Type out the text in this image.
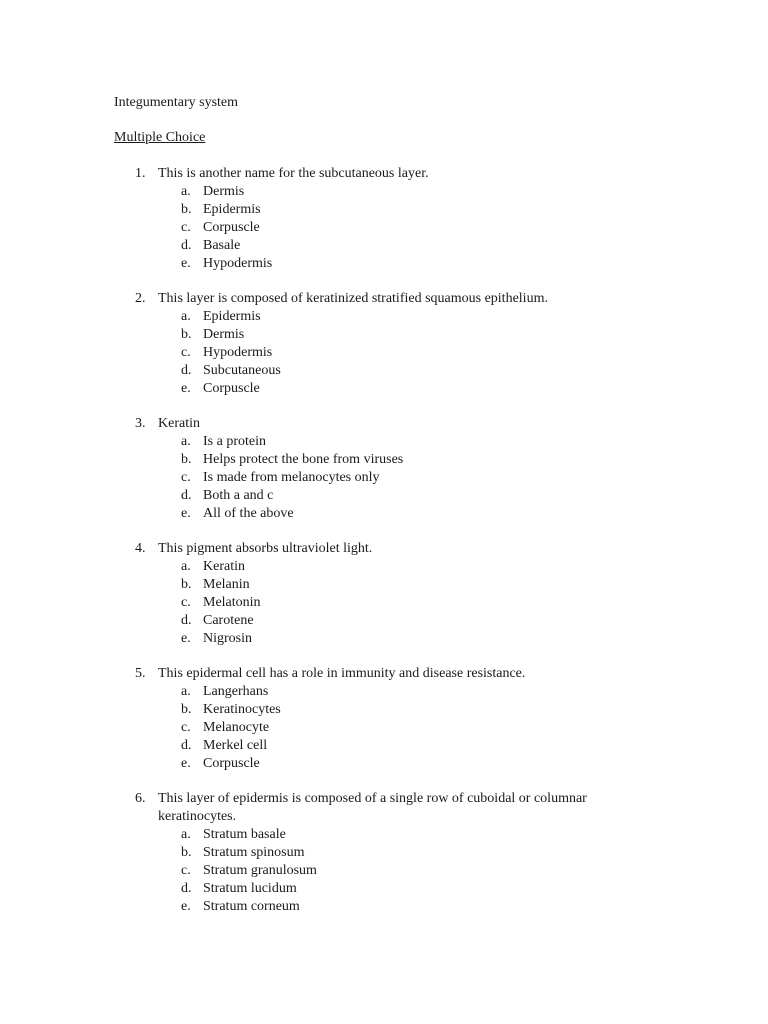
Integumentary system
Multiple Choice
1. This is another name for the subcutaneous layer.
a. Dermis
b. Epidermis
c. Corpuscle
d. Basale
e. Hypodermis
2. This layer is composed of keratinized stratified squamous epithelium.
a. Epidermis
b. Dermis
c. Hypodermis
d. Subcutaneous
e. Corpuscle
3. Keratin
a. Is a protein
b. Helps protect the bone from viruses
c. Is made from melanocytes only
d. Both a and c
e. All of the above
4. This pigment absorbs ultraviolet light.
a. Keratin
b. Melanin
c. Melatonin
d. Carotene
e. Nigrosin
5. This epidermal cell has a role in immunity and disease resistance.
a. Langerhans
b. Keratinocytes
c. Melanocyte
d. Merkel cell
e. Corpuscle
6. This layer of epidermis is composed of a single row of cuboidal or columnar keratinocytes.
a. Stratum basale
b. Stratum spinosum
c. Stratum granulosum
d. Stratum lucidum
e. Stratum corneum
